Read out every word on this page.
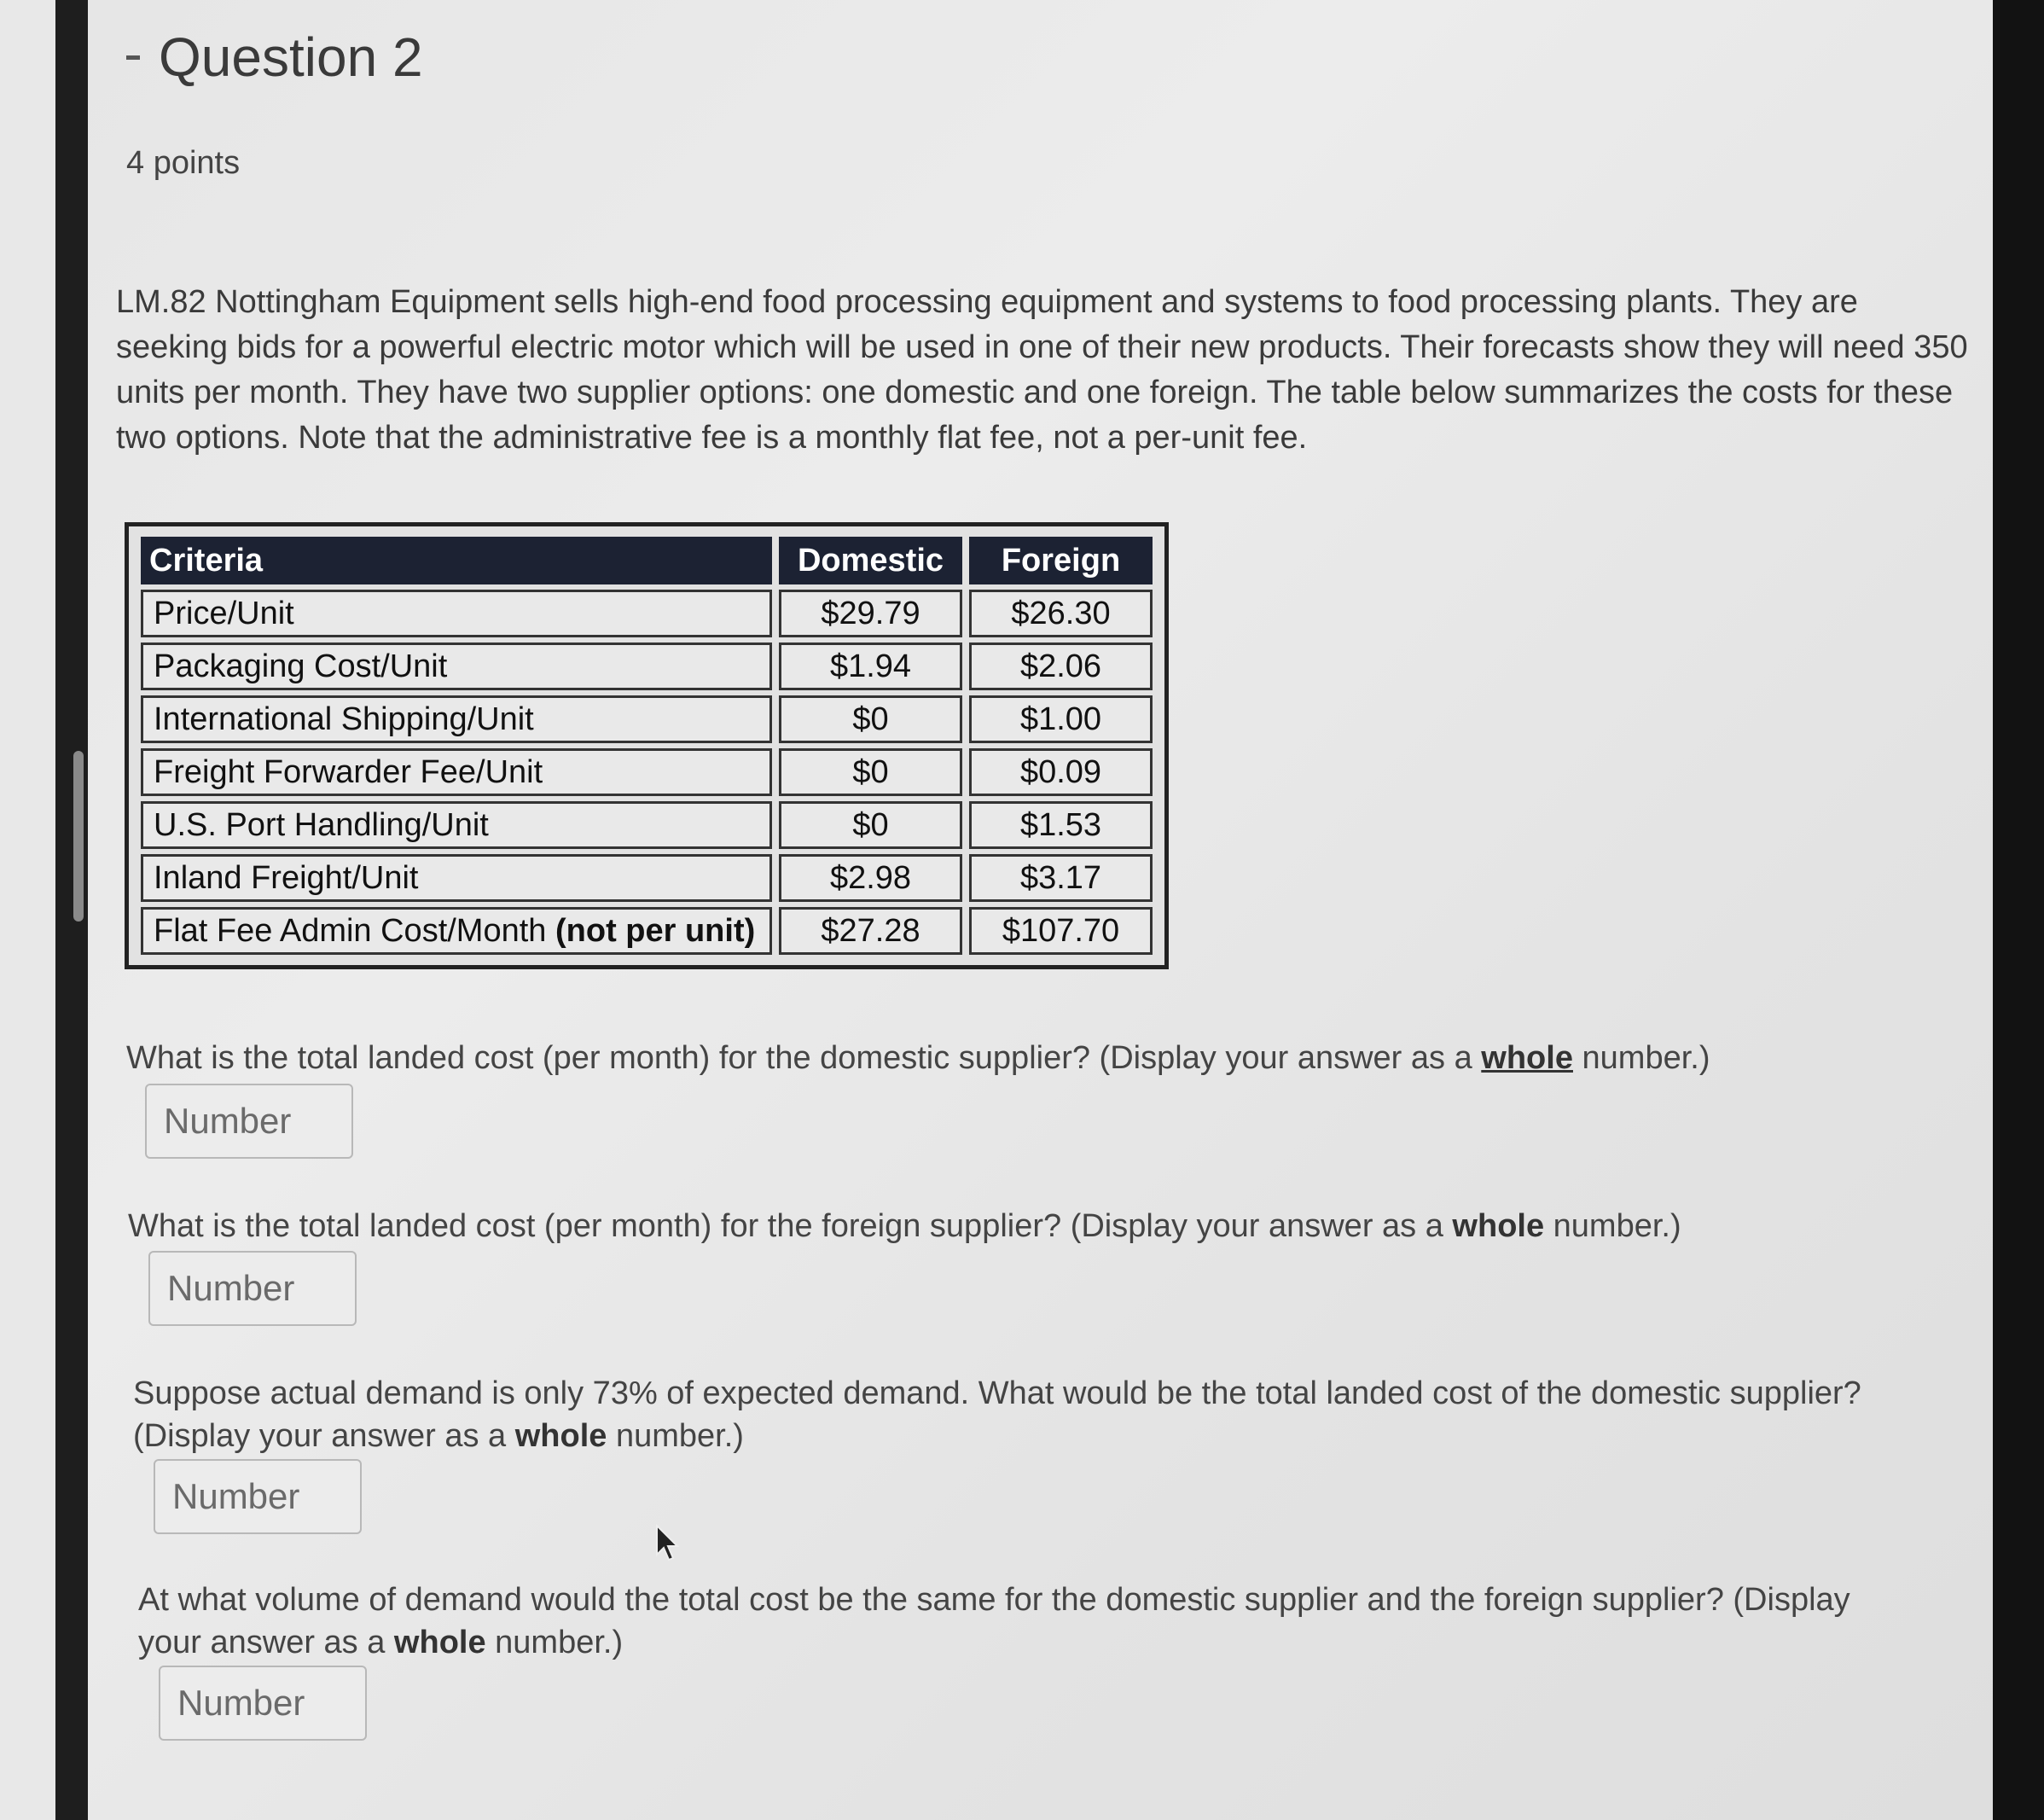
Question 2
4 points
LM.82 Nottingham Equipment sells high-end food processing equipment and systems to food processing plants. They are seeking bids for a powerful electric motor which will be used in one of their new products. Their forecasts show they will need 350 units per month. They have two supplier options: one domestic and one foreign. The table below summarizes the costs for these two options. Note that the administrative fee is a monthly flat fee, not a per-unit fee.
Criteria	Domestic	Foreign
Price/Unit	$29.79	$26.30
Packaging Cost/Unit	$1.94	$2.06
International Shipping/Unit	$0	$1.00
Freight Forwarder Fee/Unit	$0	$0.09
U.S. Port Handling/Unit	$0	$1.53
Inland Freight/Unit	$2.98	$3.17
Flat Fee Admin Cost/Month (not per unit)	$27.28	$107.70
What is the total landed cost (per month) for the domestic supplier? (Display your answer as a whole number.)
Number
What is the total landed cost (per month) for the foreign supplier? (Display your answer as a whole number.)
Number
Suppose actual demand is only 73% of expected demand. What would be the total landed cost of the domestic supplier? (Display your answer as a whole number.)
Number
At what volume of demand would the total cost be the same for the domestic supplier and the foreign supplier? (Display your answer as a whole number.)
Number
